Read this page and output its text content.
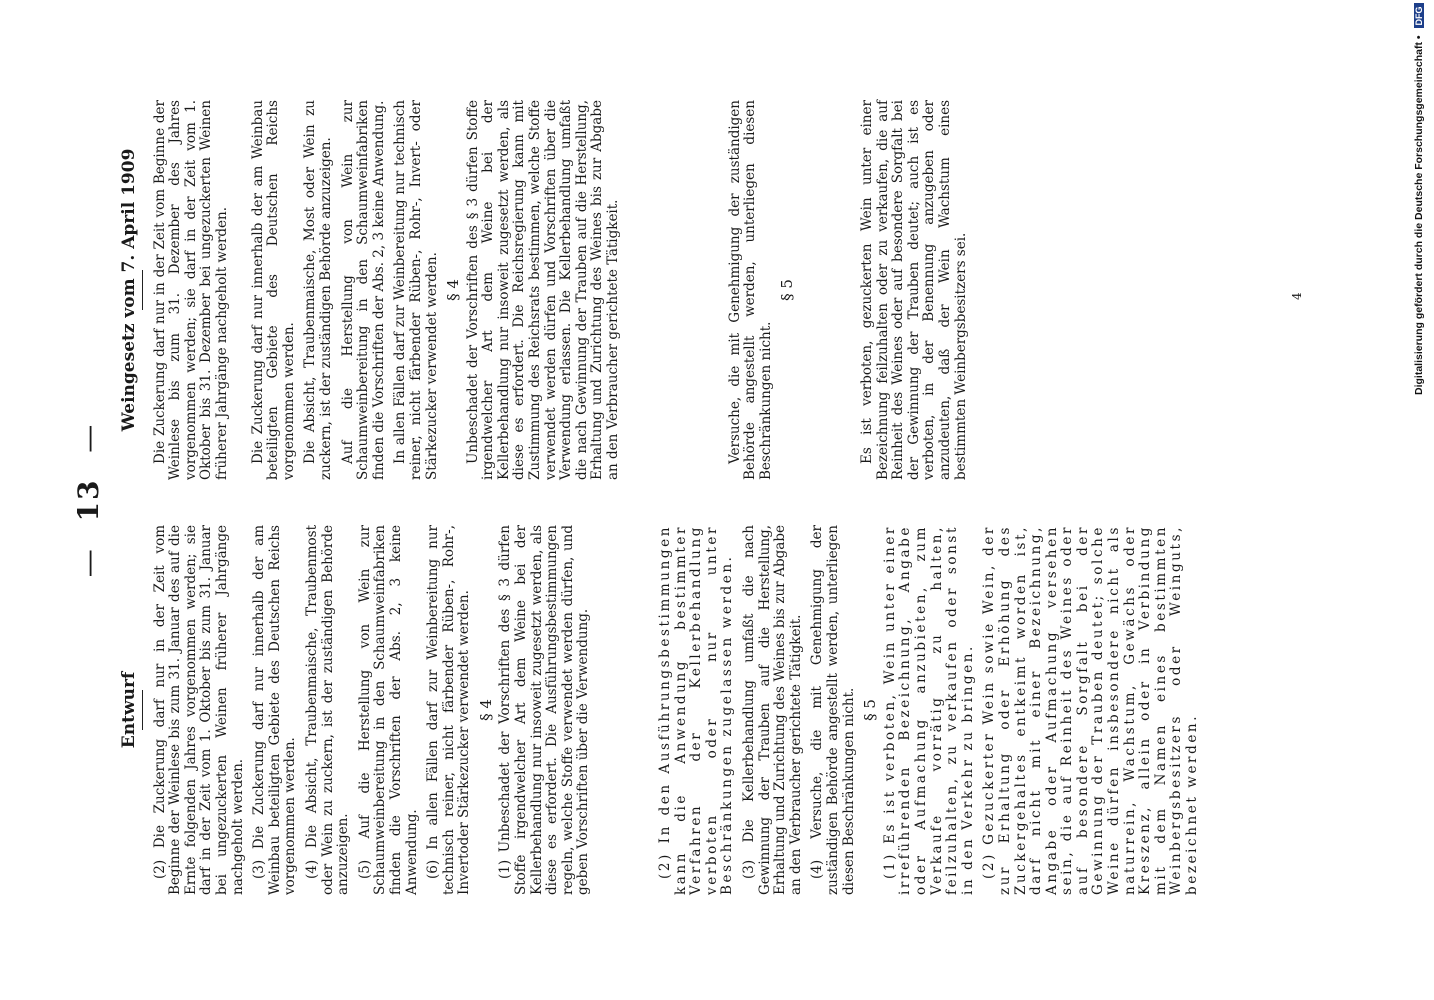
— 13 —
Entwurf (2) Die Zuckerung darf nur in der Zeit vom Beginne der Weinlese bis zum 31. Januar des auf die Ernte folgenden Jahres vorgenommen werden; sie darf in der Zeit vom 1. Oktober bis zum 31. Januar bei ungezuckerten Weinen früherer Jahrgänge nachgeholt werden. (3) Die Zuckerung darf nur innerhalb der am Weinbau beteiligten Gebiete des Deutschen Reichs vorgenommen werden. (4) Die Absicht, Traubenmaische, Traubenmost oder Wein zu zuckern, ist der zuständigen Behörde anzuzeigen. (5) Auf die Herstellung von Wein zur Schaumweinbereitung in den Schaumweinfabriken finden die Vorschriften der Abs. 2, 3 keine Anwendung. (6) In allen Fällen darf zur Weinbereitung nur technisch reiner, nicht färbender Rüben-, Rohr-, Invertoder Stärkezucker verwendet werden. § 4 (1) Unbeschadet der Vorschriften des § 3 dürfen Stoffe irgendwelcher Art dem Weine bei der Kellerbehandlung nur insoweit zugesetzt werden, als diese es erfordert. Die Ausführungsbestimmungen regeln, welche Stoffe verwendet werden dürfen, und geben Vorschriften über die Verwendung.	(2) In den Ausführungsbestimmungen kann die Anwendung bestimmter Verfahren der Kellerbehandlung verboten oder nur unter Beschränkungen zugelassen werden. (3) Die Kellerbehandlung umfaßt die nach Gewinnung der Trauben auf die Herstellung, Erhaltung und Zurichtung des Weines bis zur Abgabe an den Verbraucher gerichtete Tätigkeit. (4) Versuche, die mit Genehmigung der zuständigen Behörde angestellt werden, unterliegen diesen Beschränkungen nicht. § 5 (1) Es ist verboten, Wein unter einer irreführenden Bezeichnung, Angabe oder Aufmachung anzubieten, zum Verkaufe vorrätig zu halten, feilzuhalten, zu verkaufen oder sonst in den Verkehr zu bringen. (2) Gezuckerter Wein sowie Wein, der zur Erhaltung oder Erhöhung des Zuckergehaltes entkeimt worden ist, darf nicht mit einer Bezeichnung, Angabe oder Aufmachung versehen sein, die auf Reinheit des Weines oder auf besondere Sorgfalt bei der Gewinnung der Trauben deutet; solche Weine dürfen insbesondere nicht als naturrein, Wachstum, Gewächs oder Kreszenz, allein oder in Verbindung mit dem Namen eines bestimmten Weinbergsbesitzers oder Weinguts, bezeichnet werden.

Weingesetz vom 7. April 1909 Die Zuckerung darf nur in der Zeit vom Beginne der Weinlese bis zum 31. Dezember des Jahres vorgenommen werden; sie darf in der Zeit vom 1. Oktober bis 31. Dezember bei ungezuckerten Weinen früherer Jahrgänge nachgeholt werden. Die Zuckerung darf nur innerhalb der am Weinbau beteiligten Gebiete des Deutschen Reichs vorgenommen werden. Die Absicht, Traubenmaische, Most oder Wein zu zuckern, ist der zuständigen Behörde anzuzeigen. Auf die Herstellung von Wein zur Schaumweinbereitung in den Schaumweinfabriken finden die Vorschriften der Abs. 2, 3 keine Anwendung. In allen Fällen darf zur Weinbereitung nur technisch reiner, nicht färbender Rüben-, Rohr-, Invert- oder Stärkezucker verwendet werden. § 4 Unbeschadet der Vorschriften des § 3 dürfen Stoffe irgendwelcher Art dem Weine bei der Kellerbehandlung nur insoweit zugesetzt werden, als diese es erfordert. Die Reichsregierung kann mit Zustimmung des Reichsrats bestimmen, welche Stoffe verwendet werden dürfen und Vorschriften über die Verwendung erlassen. Die Kellerbehandlung umfaßt die nach Gewinnung der Trauben auf die Herstellung, Erhaltung und Zurichtung des Weines bis zur Abgabe an den Verbraucher gerichtete Tätigkeit.	Versuche, die mit Genehmigung der zuständigen Behörde angestellt werden, unterliegen diesen Beschränkungen nicht.

§ 5	Es ist verboten, gezuckerten Wein unter einer Bezeichnung feilzuhalten oder zu verkaufen, die auf Reinheit des Weines oder auf besondere Sorgfalt bei der Gewinnung der Trauben deutet; auch ist es verboten, in der Benennung anzugeben oder anzudeuten, daß der Wein Wachstum eines bestimmten Weinbergsbesitzers sei.	4	Digitalisierung gefördert durch die Deutsche Forschungsgemeinschaft • DFG
